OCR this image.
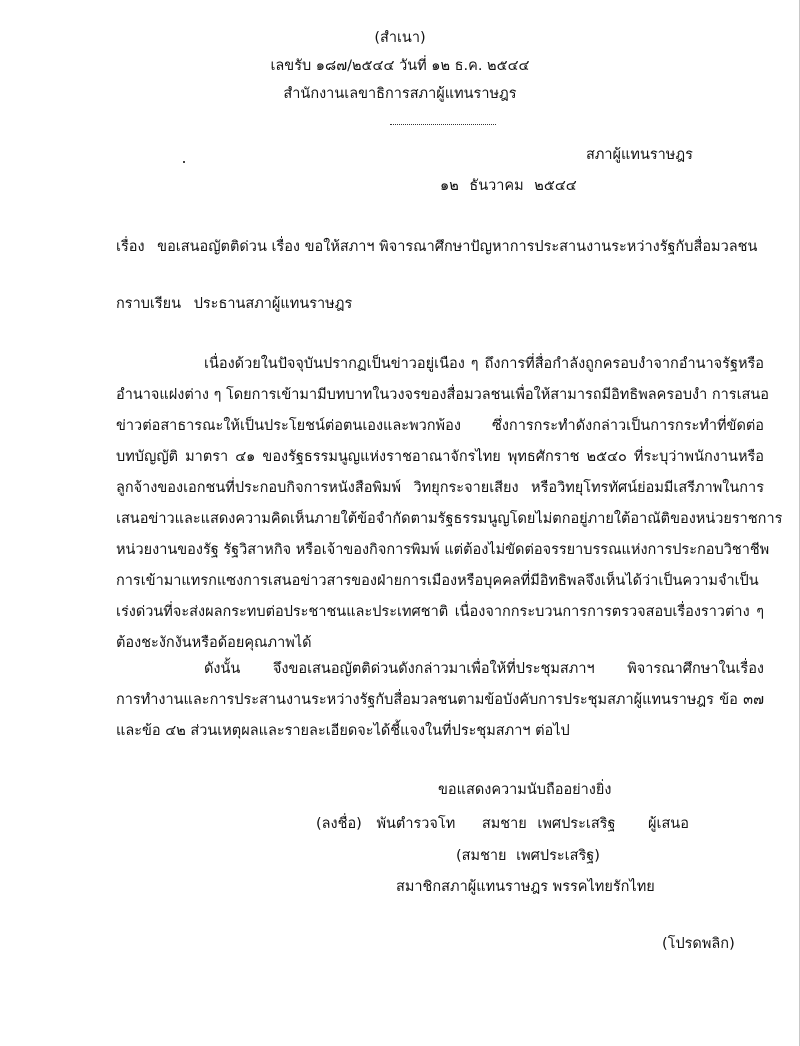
(สำเนา)
เลขรับ ๑๘๗/๒๕๔๔ วันที่ ๑๒ ธ.ค. ๒๕๔๔
สำนักงานเลขาธิการสภาผู้แทนราษฎร
สภาผู้แทนราษฎร
๑๒ ธันวาคม ๒๕๔๔
เรื่อง ขอเสนอญัตติด่วน เรื่อง ขอให้สภาฯ พิจารณาศึกษาปัญหาการประสานงานระหว่างรัฐกับสื่อมวลชน
กราบเรียน ประธานสภาผู้แทนราษฎร
เนื่องด้วยในปัจจุบันปรากฏเป็นข่าวอยู่เนือง ๆ ถึงการที่สื่อกำลังถูกครอบงำจากอำนาจรัฐหรือ
อำนาจแฝงต่าง ๆ โดยการเข้ามามีบทบาทในวงจรของสื่อมวลชนเพื่อให้สามารถมีอิทธิพลครอบงำ การเสนอ
ข่าวต่อสาธารณะให้เป็นประโยชน์ต่อตนเองและพวกพ้อง ซึ่งการกระทำดังกล่าวเป็นการกระทำที่ขัดต่อ
บทบัญญัติ มาตรา ๔๑ ของรัฐธรรมนูญแห่งราชอาณาจักรไทย พุทธศักราช ๒๕๔๐ ที่ระบุว่าพนักงานหรือ
ลูกจ้างของเอกชนที่ประกอบกิจการหนังสือพิมพ์ วิทยุกระจายเสียง หรือวิทยุโทรทัศน์ย่อมมีเสรีภาพในการ
เสนอข่าวและแสดงความคิดเห็นภายใต้ข้อจำกัดตามรัฐธรรมนูญโดยไม่ตกอยู่ภายใต้อาณัติของหน่วยราชการ
หน่วยงานของรัฐ รัฐวิสาหกิจ หรือเจ้าของกิจการพิมพ์ แต่ต้องไม่ขัดต่อจรรยาบรรณแห่งการประกอบวิชาชีพ
การเข้ามาแทรกแซงการเสนอข่าวสารของฝ่ายการเมืองหรือบุคคลที่มีอิทธิพลจึงเห็นได้ว่าเป็นความจำเป็น
เร่งด่วนที่จะส่งผลกระทบต่อประชาชนและประเทศชาติ เนื่องจากกระบวนการการตรวจสอบเรื่องราวต่าง ๆ
ต้องชะงักงันหรือด้อยคุณภาพได้
ดังนั้น จึงขอเสนอญัตติด่วนดังกล่าวมาเพื่อให้ที่ประชุมสภาฯ พิจารณาศึกษาในเรื่อง
การทำงานและการประสานงานระหว่างรัฐกับสื่อมวลชนตามข้อบังคับการประชุมสภาผู้แทนราษฎร ข้อ ๓๗
และข้อ ๔๒ ส่วนเหตุผลและรายละเอียดจะได้ชี้แจงในที่ประชุมสภาฯ ต่อไป
ขอแสดงความนับถืออย่างยิ่ง
(ลงชื่อ) พันตำรวจโท สมชาย เพศประเสริฐ ผู้เสนอ
(สมชาย เพศประเสริฐ)
สมาชิกสภาผู้แทนราษฎร พรรคไทยรักไทย
(โปรดพลิก)
